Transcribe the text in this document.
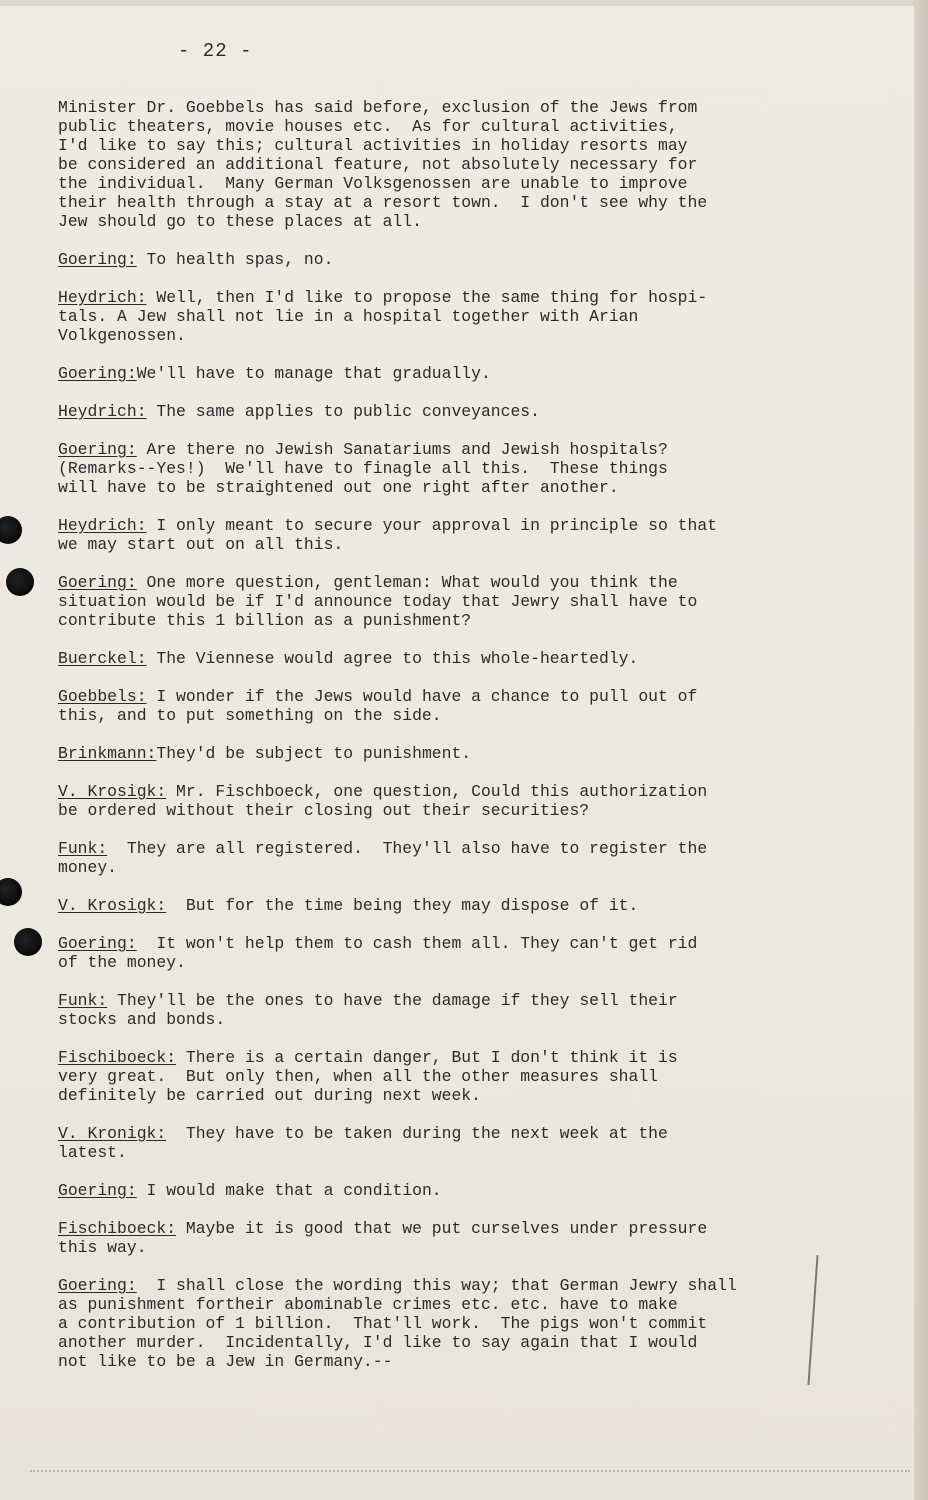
- 22 -

Minister Dr. Goebbels has said before, exclusion of the Jews from
public theaters, movie houses etc.  As for cultural activities,
I'd like to say this; cultural activities in holiday resorts may
be considered an additional feature, not absolutely necessary for
the individual.  Many German Volksgenossen are unable to improve
their health through a stay at a resort town.  I don't see why the
Jew should go to these places at all.

Goering: To health spas, no.

Heydrich: Well, then I'd like to propose the same thing for hospi-
tals. A Jew shall not lie in a hospital together with Arian
Volkgenossen.

Goering:We'll have to manage that gradually.

Heydrich: The same applies to public conveyances.

Goering: Are there no Jewish Sanatariums and Jewish hospitals?
(Remarks--Yes!)  We'll have to finagle all this.  These things
will have to be straightened out one right after another.

Heydrich: I only meant to secure your approval in principle so that
we may start out on all this.

Goering: One more question, gentleman: What would you think the
situation would be if I'd announce today that Jewry shall have to
contribute this 1 billion as a punishment?

Buerckel: The Viennese would agree to this whole-heartedly.

Goebbels: I wonder if the Jews would have a chance to pull out of
this, and to put something on the side.

Brinkmann:They'd be subject to punishment.

V. Krosigk: Mr. Fischboeck, one question, Could this authorization
be ordered without their closing out their securities?

Funk:  They are all registered.  They'll also have to register the
money.

V. Krosigk:  But for the time being they may dispose of it.

Goering:  It won't help them to cash them all. They can't get rid
of the money.

Funk: They'll be the ones to have the damage if they sell their
stocks and bonds.

Fischiboeck: There is a certain danger, But I don't think it is
very great.  But only then, when all the other measures shall
definitely be carried out during next week.

V. Kronigk:  They have to be taken during the next week at the
latest.

Goering: I would make that a condition.

Fischiboeck: Maybe it is good that we put curselves under pressure
this way.

Goering:  I shall close the wording this way; that German Jewry shall
as punishment fortheir abominable crimes etc. etc. have to make
a contribution of 1 billion.  That'll work.  The pigs won't commit
another murder.  Incidentally, I'd like to say again that I would
not like to be a Jew in Germany.--
